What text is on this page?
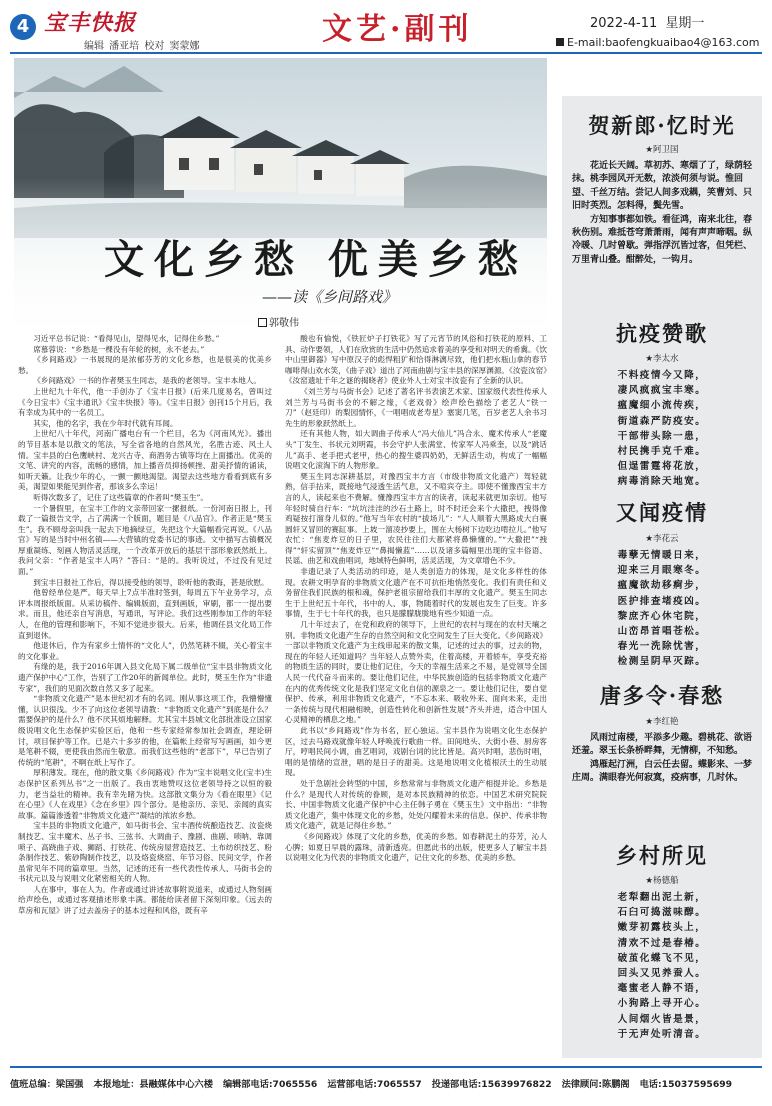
4 宝丰快报
编辑 潘亚培 校对 窦蒙娜	文艺·副刊	2022-4-11 星期一
E-mail:baofengkuaibao4@163.com
文化乡愁 优美乡愁
——读《乡间路戏》
郭敬伟

习近平总书记说：“看得见山，望得见水，记得住乡愁。”

席慕蓉说：“乡愁是一棵没有年轮的树，永不老去。”

《乡间路戏》一书展现的是浓郁芬芳的文化乡愁，也是很美的优美乡愁。

《乡间路戏》一书的作者樊玉生同志，是我的老领导。宝丰本地人。

上世纪九十年代，他一手创办了《宝丰日报》(后来几度易名，曾叫过《今日宝丰》《宝丰通讯》《宝丰快报》等)。《宝丰日报》创刊15个月后，我有幸成为其中的一名员工。

其实，他的名字，我在少年时代就有耳闻。

上世纪八十年代，河南广播电台有一个栏目，名为《河南风光》。播出的节目基本是以散文的笔法，写全省各地的自然风光，名胜古迹、风土人情。宝丰县的白色鹰峡村、龙兴古寺、商酒务古镇等均在上面播出。优美的文笔、讲究的内容，流畅的感情，加上播音员抑扬顿挫、甜美抒情的诵读，如听天籁。让我少年的心，一颤一颤地渴望。渴望去这些地方看看到底有多美，渴望如果能见到作者，那该多么幸运！

听得次数多了，记住了这些篇章的作者叫“樊玉生”。

一个暑假里，在宝丰工作的文亲带回家一摞报纸。一份河南日报上，刊载了一篇报告文学，占了满满一个版面，题目是《八品官》。作者正是“樊玉生”。我不顾母亲叫我一起去下地摘绿豆，先把这个大篇幅看完再说。《八品官》写的是当时中州名镇——大营镇的党委书记的事迹。文中描写古镇概况厚重凝练、刻画人物活灵活现，一个改革开放后的基层干部形象跃然纸上。我问父亲：“作者是宝丰人吗？”答曰：“是的。我听说过，不过没有见过面。”

到宝丰日报社工作后，得以接受他的领导，聆听他的教诲，甚是欣慰。

他曾经单位是严。每天早上7点半准时签到，每周五下午业务学习，点评本周报纸版面。从采访稿件、编辑版面，直到画版，审刷，都一一提出要求。而且，他还亲自写消息，写通讯，写评论。我们这些刚参加工作的年轻人，在他的管理和影响下，不知不觉进步很大。后来，他调任县文化局工作直到退休。

他退休后，作为有家乡土情怀的“文化人”，仍然笔耕不辍，关心着宝丰的文化事业。

有缘的是，我于2016年调入县文化局下属二级单位“宝丰县非物质文化遗产保护中心”工作，告别了工作20年的新闻单位。此时，樊玉生作为“非遗专家”，我们的见面次数自然又多了起来。

“非物质文化遗产”是本世纪初才有的名词。刚从事这项工作，我懵懵懂懂，认识很浅。少不了向这位老领导请教：“非物质文化遗产”到底是什么？需要保护的是什么？他不厌其烦地解释。尤其宝丰县城文化部批准设立国家级说唱文化生态保护实验区后，他和一些专家经常参加社会调查，理论研讨，项目保护等工作。已是六十多岁的他，在篇帐上经常写写画画，如今更是笔耕不辍，更使我由然而生敬意。而我们这些他的“老部下”，早已告别了传统的“笔耕”，不啊在纸上写作了。

厚积薄发。现在，他的散文集《乡间路戏》作为“宝丰说唱文化(宝丰)生态保护区系列丛书”之一出版了。我由衷地赞叹这位老领导持之以恒的毅力，老当益壮的精神。我有幸先睹为快。这部散文集分为《看在眼里》《记在心里》《人在戏里》《念在乡里》四个部分。是他亲历、亲见、亲闻的真实故事。篇篇渗透着“非物质文化遗产”凝结的浓浓乡愁。

宝丰县的非物质文化遗产，如马街书会、宝丰酒传统酿造技艺、汝瓷烧制技艺、宝丰魔术、丛子书、三弦书、大调曲子、豫剧、曲剧、唢呐、靠调唢子、高跷曲子戏、狮蹈、打铁花、传统房屋营造技艺、土布纺织技艺、粉条制作技艺、紫砂陶制作技艺，以及烙瓷烧窑、年节习俗、民间文学，作者虽常见年不同的篇章里。当然，记述的还有一些代表性传承人、马街书会的书状元以及与说唱文化紧密相关的人物。

人在事中，事在人为。作者或通过讲述故事附说道来，或通过人物刻画给声绘色，或通过客观描述形象丰满。都能给读者留下深刻印象。《远去的草房和瓦屋》讲了过去盖房子的基本过程和风俗，既有辛

酸也有愉悦，《铁匠炉子打铁花》写了元宵节的风俗和打铁花的原料、工具、动作要领，人们在欣赏的生活中仍然追求着美的享受和对明天的希冀。《饮中山里御器》写中原汉子的彪悍粗犷和恰得淋漓尽致，他们把水瓶山拿的春节咖啡得山欢水笑，《曲子戏》道出了河南曲剧与宝丰县的深厚渊源。《汝瓷汝窑》《汝窑遗址千年之谜的揭晓者》使业外人士对宝丰汝瓷有了全新的认识。

《刘兰芳与马街书会》记述了著名评书表演艺术家、国家级代表性传承人刘兰芳与马街书会的不解之缘，《老戏骨》绘声绘色描绘了老艺人“铁一刀”（赵廷印）的梨园情怀，《一唱唱成老寿星》塞窦几笔，百岁老艺人余书习先生的形象跃然纸上。

还有其他人物，如大调曲子传承人“冯大仙儿”冯合永、魔术传承人“老魔头”丁发生、书状元刘明霞，书会守护人张满堂、传家军人冯乘奎，以及“跳话儿”高手、老手把式老甲，热心的搜生婆四奶奶，无鲜活生动，构成了一幅幅说唱文化滚淘下的人物形象。

樊玉生同志深耕基层，对豫西宝丰方言（市级非物质文化遗产）驾轻就熟，信手拈来，既接地气浸透生活气息，又不喧宾夺主。即使不懂豫西宝丰方言的人，读起来也不费解。懂豫西宝丰方言的读者，读起来就更加亲切。他写年轻时骑自行车：“坑坑洼洼的沙石土路上，时不时还会来个大撒把，拽得像鸡疑按打溜身儿似的。”他写当年农村的“拔场儿”：“人人顺着大黑路成大白襄圆轩又冒回的赛缸事。上坡一溜凌抄要上，围在大杨树下边吃边啃拉儿。”他写农忙：“焦麦炸豆的日子里，农民往往们大都紧将鼻懒懂的。”“大撒把”“拽得”“轩实留顶”“焦麦炸豆”“鼻揭懒蓝”……以及诸多篇幅里出现的宝丰俗语、民谣、曲艺和戏曲唱词，地域特色鲜明，活灵活现，为文章增色不少。

非遗记录了人类活动的印迹，是人类创造力的体现，是文化多样性的体现。农耕文明孕育的非物质文化遗产在不可抗拒地悄然变化。我们有责任和义务留住我们民族的根和魂，保护老祖宗留给我们丰厚的文化遗产。樊玉生同志生于上世纪五十年代，书中的人、事，物随着时代的发展也发生了巨变。许多事情，生于七十年代的我，也只是朦朦胧胧地有些少知道一点。

几十年过去了，在党和政府的领导下，上世纪的农村与现在的农村天壤之别。非物质文化遗产生存的自然空间和文化空间发生了巨大变化。《乡间路戏》一部以非物质文化遗产为主线串起来的散文集，记述的过去的事，过去的物，现在的年轻人还知道吗？当年轻人点赞外卖，住着高楼，开着轿车，享受充裕的物质生活的同时，要让他们记住，今天的幸福生活来之不易，是党领导全国人民一代代奋斗而来的。要让他们记住，中华民族创造的包括非物质文化遗产在内的优秀传统文化是我们坚定文化自信的源泉之一。要让他们记住，要自觉保护、传承，利用非物质文化遗产，“不忘本来、吸收外来、面向未来，走出一条传统与现代相融相映，创造性转化和创新性发展”齐头并进，适合中国人心灵精神的栖息之地。”

此书以“乡间路戏”作为书名，匠心独运。宝丰县作为说唱文化生态保护区，过去马路戏就像年轻人呼唤流行歌曲一样。田间地头、大街小巷、厨房客厅，哼唱民间小调，曲艺唱词，戏剧台词的比比皆是。高兴时唱，悲伤时唱，唱的是情绪的宣泄，唱的是日子的甜美。这是地说唱文化植根沃土的生动展现。

处于急剧社会转型的中国，乡愁常常与非物质文化遗产相提并论。乡愁是什么？是现代人对传统的眷顾，是对本民族精神的依恋。中国艺术研究院院长、中国非物质文化遗产保护中心主任韩子勇在《樊玉生》文中指出：“非物质文化遗产，集中体现文化的乡愁，处处闪耀着未来的信息。保护、传承非物质文化遗产，就是记得住乡愁。”

《乡间路戏》体现了文化的乡愁，优美的乡愁。如春耕泥土的芬芳，沁人心脾；如夏日早晨的露珠，清新透亮。但愿此书的出版，使更多人了解宝丰县以说唱文化为代表的非物质文化遗产，记住文化的乡愁、优美的乡愁。

贺新郎·忆时光
★阿卫国

花近长天阔。草初苏、寒烟了了，绿荫轻抹。桃李园风开无数，浓淡何须与说。惟回望、千丝万结。尝记人间多戏耦，笑曹刘、只旧时英烈。怎料得，鬓先雪。

方知事事都如铁。看征鸿，南来北往，春秋伤别。难抵苍穹萧萧雨，闻有声声啼咽。纵冷暖、几时曾歇。弹指浮沉皆过客，但凭栏、万里青山叠。酣醉处，一钩月。

抗疫赞歌
★李太水
不料疫情今又降，
凄风疯疯宝丰寒。
瘟魔细小流传疾，
街道森严防疫安。
干部带头除一患，
村民携手克千难。
但逞雷霆将花放，
病毒消除天地宽。
又闻疫情
★李花云
毒孽无情暖日来，
迎来三月眼寒冬。
瘟魔欲劫移痾步，
医护排查堵疫凶。
黎庶齐心休宅院，
山峦昂首唱苍松。
春光一洗除忧害，
检测呈阴早灭踪。
唐多令·春愁
★李红艳

风雨过南楼，平添多少趣。碧桃花、欲语还羞。翠玉长条桥畔舞，无情柳，不知愁。

鸿雁起汀洲，白云任去留。蝶影来、一梦庄周。满眼春光何寂寞，疫病事，几时休。

乡村所见
★杨德船
老犁翻出泥土新，
石臼可捣滋味醇。
嫩芽初露枝头上，
清欢不过是春椿。
破茧化蝶飞不见，
回头又见养蚕人。
毫蜜老人静不语，
小狗路上寻开心。
人间烟火皆是景，
于无声处听清音。
值班总编：梁国强 本报地址：县融媒体中心六楼 编辑部电话:7065556 运营部电话:7065557 投递部电话:15639976822 法律顾问:陈鹏阁 电话:15037595699
